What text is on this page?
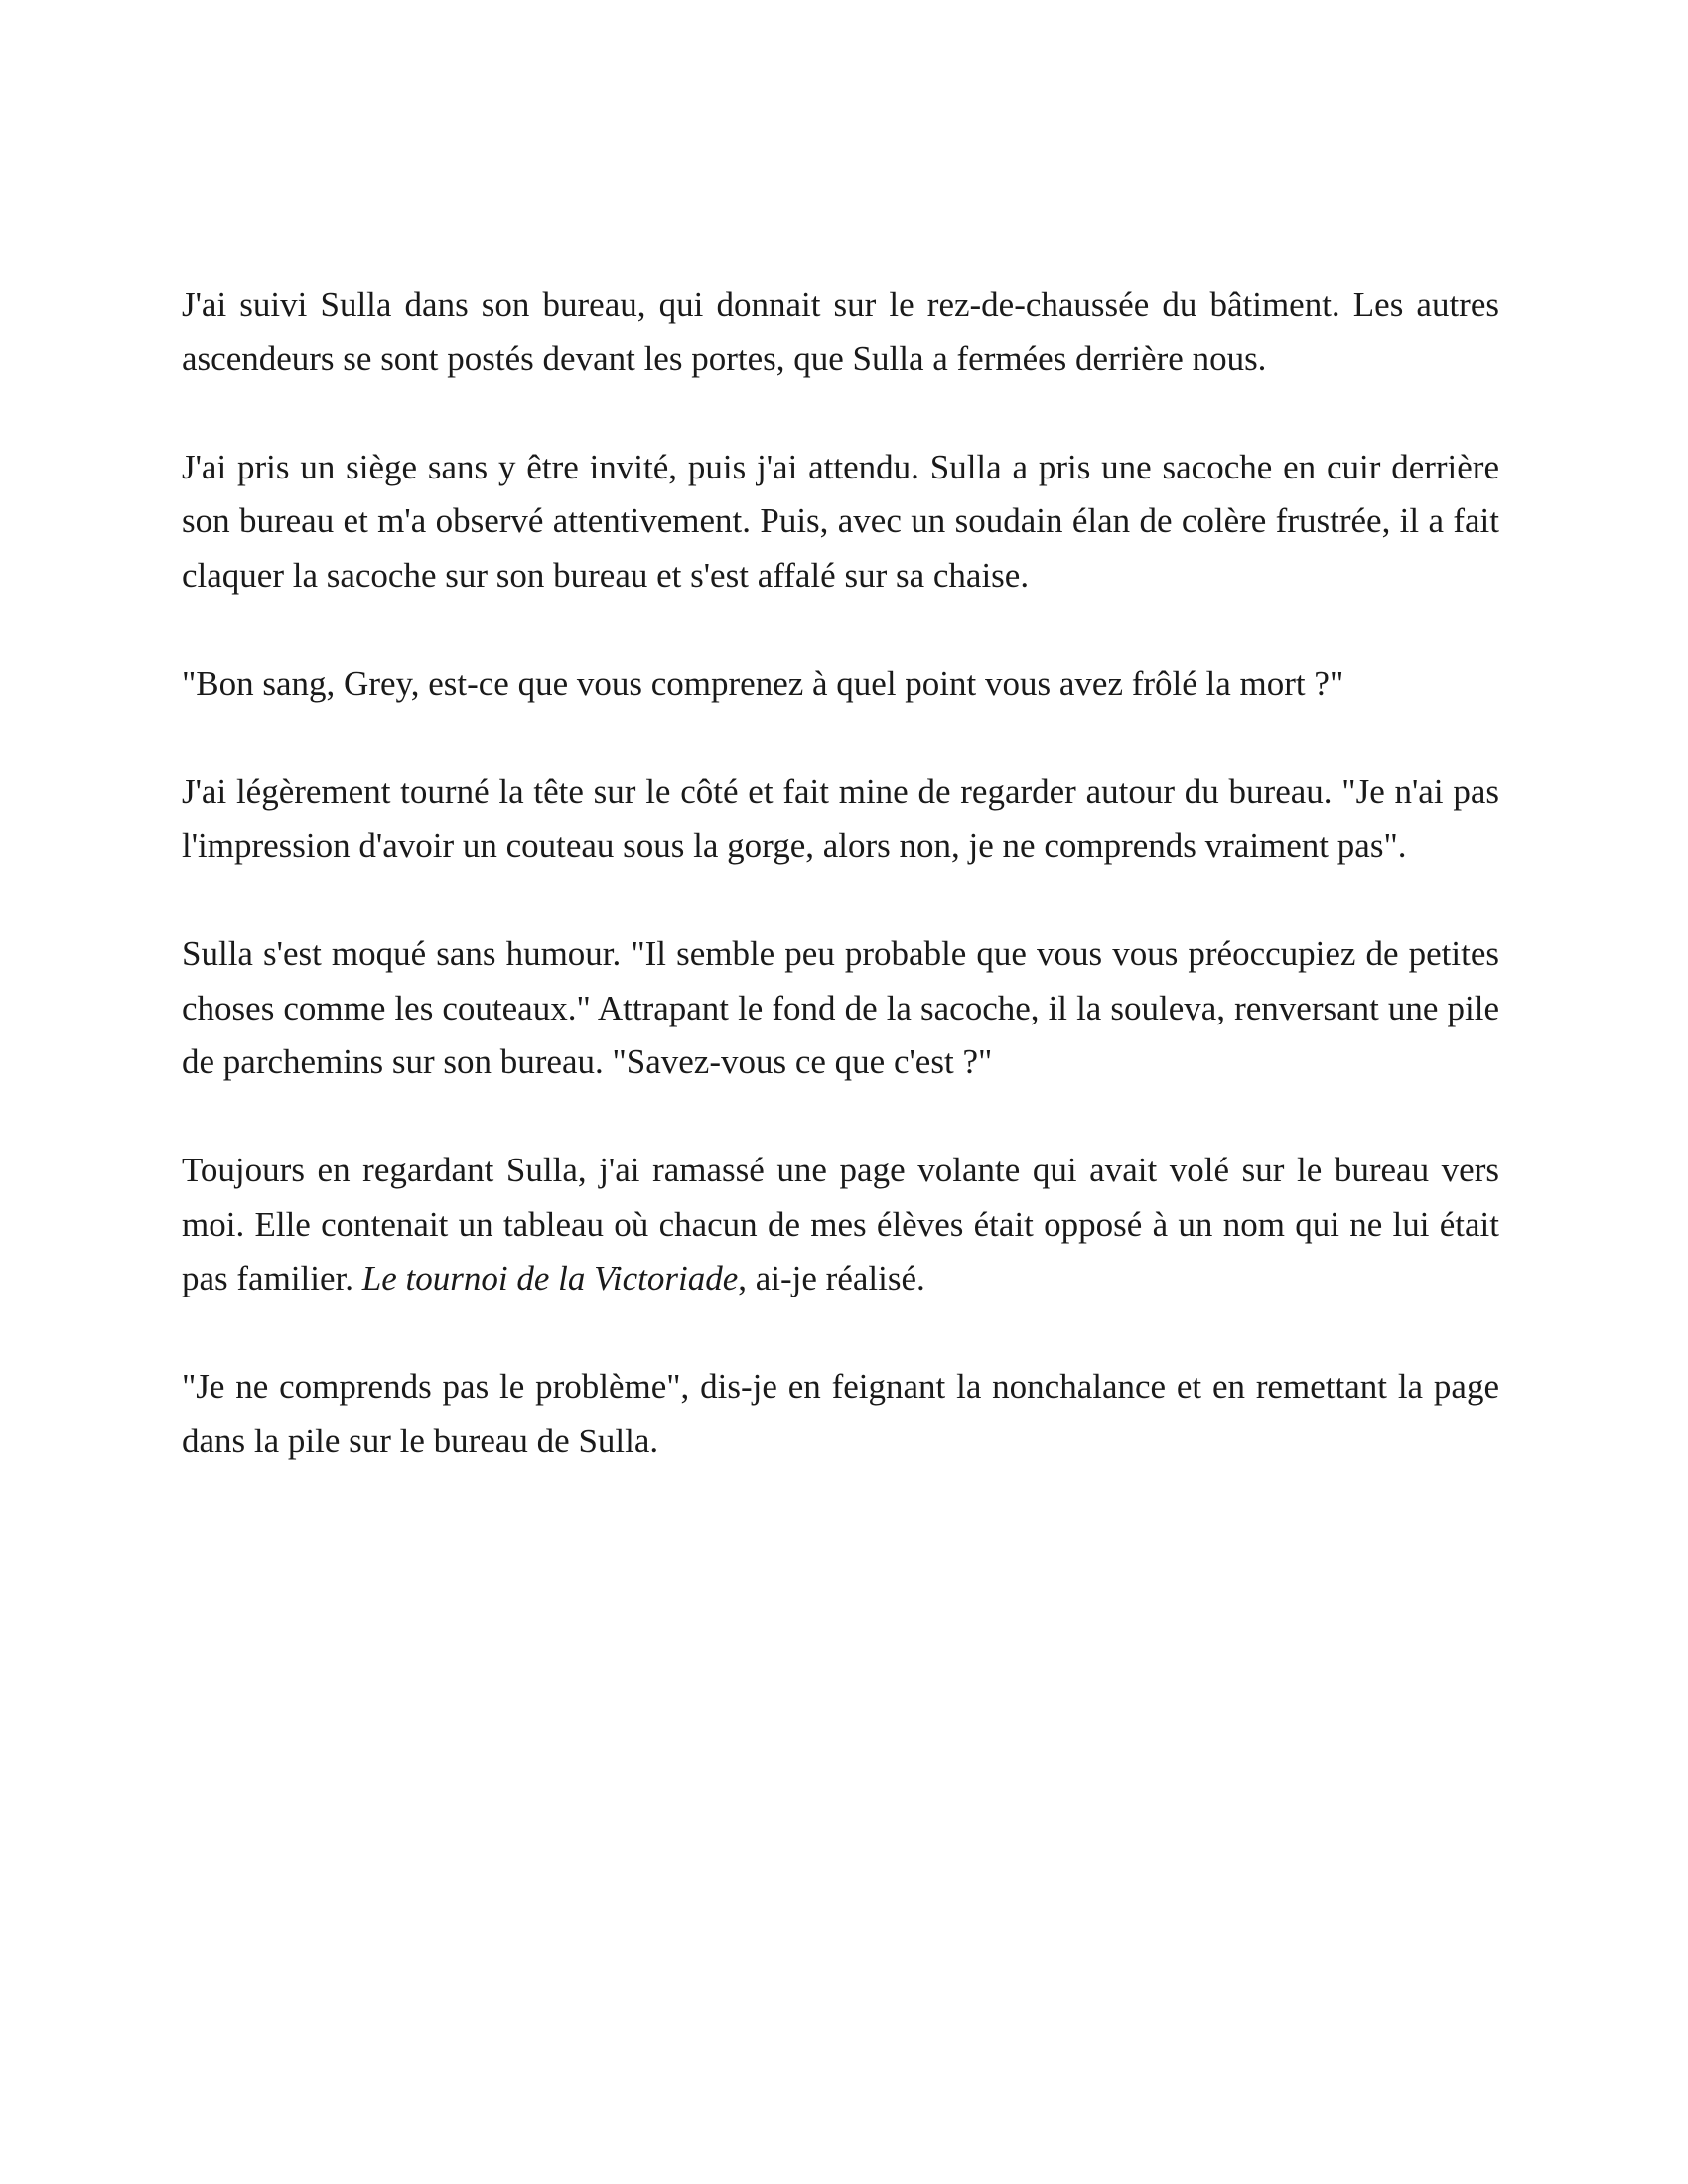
J'ai suivi Sulla dans son bureau, qui donnait sur le rez-de-chaussée du bâtiment. Les autres ascendeurs se sont postés devant les portes, que Sulla a fermées derrière nous.

J'ai pris un siège sans y être invité, puis j'ai attendu. Sulla a pris une sacoche en cuir derrière son bureau et m'a observé attentivement. Puis, avec un soudain élan de colère frustrée, il a fait claquer la sacoche sur son bureau et s'est affalé sur sa chaise.

"Bon sang, Grey, est-ce que vous comprenez à quel point vous avez frôlé la mort ?"

J'ai légèrement tourné la tête sur le côté et fait mine de regarder autour du bureau. "Je n'ai pas l'impression d'avoir un couteau sous la gorge, alors non, je ne comprends vraiment pas".

Sulla s'est moqué sans humour. "Il semble peu probable que vous vous préoccupiez de petites choses comme les couteaux." Attrapant le fond de la sacoche, il la souleva, renversant une pile de parchemins sur son bureau. "Savez-vous ce que c'est ?"

Toujours en regardant Sulla, j'ai ramassé une page volante qui avait volé sur le bureau vers moi. Elle contenait un tableau où chacun de mes élèves était opposé à un nom qui ne lui était pas familier. Le tournoi de la Victoriade, ai-je réalisé.

"Je ne comprends pas le problème", dis-je en feignant la nonchalance et en remettant la page dans la pile sur le bureau de Sulla.
